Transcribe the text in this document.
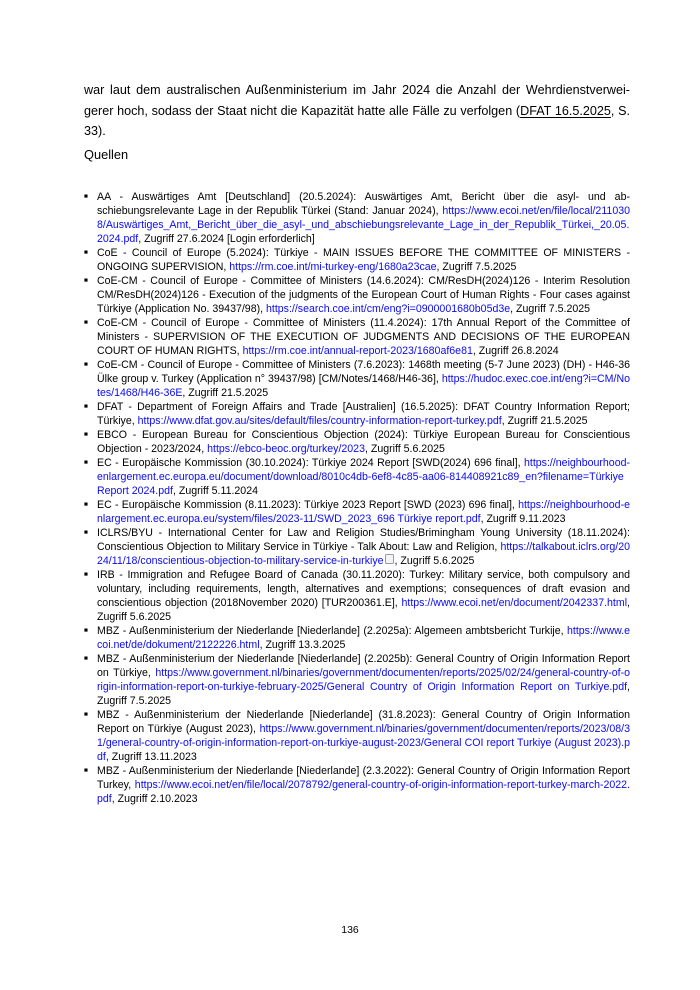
war laut dem australischen Außenministerium im Jahr 2024 die Anzahl der Wehrdienstverweigerer hoch, sodass der Staat nicht die Kapazität hatte alle Fälle zu verfolgen (DFAT 16.5.2025, S. 33).

Quellen
■ AA - Auswärtiges Amt [Deutschland] (20.5.2024): Auswärtiges Amt, Bericht über die asyl- und abschiebungsrelevante Lage in der Republik Türkei (Stand: Januar 2024), https://www.ecoi.net/en/file/local/2110308/Auswärtiges_Amt,_Bericht_über_die_asyl-_und_abschiebungsrelevante_Lage_in_der_Republik_Türkei,_20.05.2024.pdf, Zugriff 27.6.2024 [Login erforderlich]
■ CoE - Council of Europe (5.2024): Türkiye - MAIN ISSUES BEFORE THE COMMITTEE OF MINISTERS - ONGOING SUPERVISION, https://rm.coe.int/mi-turkey-eng/1680a23cae, Zugriff 7.5.2025
■ CoE-CM - Council of Europe - Committee of Ministers (14.6.2024): CM/ResDH(2024)126 - Interim Resolution CM/ResDH(2024)126 - Execution of the judgments of the European Court of Human Rights - Four cases against Türkiye (Application No. 39437/98), https://search.coe.int/cm/eng?i=0900001680b05d3e, Zugriff 7.5.2025
■ CoE-CM - Council of Europe - Committee of Ministers (11.4.2024): 17th Annual Report of the Committee of Ministers - SUPERVISION OF THE EXECUTION OF JUDGMENTS AND DECISIONS OF THE EUROPEAN COURT OF HUMAN RIGHTS, https://rm.coe.int/annual-report-2023/1680af6e81, Zugriff 26.8.2024
■ CoE-CM - Council of Europe - Committee of Ministers (7.6.2023): 1468th meeting (5-7 June 2023) (DH) - H46-36 Ülke group v. Turkey (Application n° 39437/98) [CM/Notes/1468/H46-36], https://hudoc.exec.coe.int/eng?i=CM/Notes/1468/H46-36E, Zugriff 21.5.2025
■ DFAT - Department of Foreign Affairs and Trade [Australien] (16.5.2025): DFAT Country Information Report; Türkiye, https://www.dfat.gov.au/sites/default/files/country-information-report-turkey.pdf, Zugriff 21.5.2025
■ EBCO - European Bureau for Conscientious Objection (2024): Türkiye European Bureau for Conscientious Objection - 2023/2024, https://ebco-beoc.org/turkey/2023, Zugriff 5.6.2025
■ EC - Europäische Kommission (30.10.2024): Türkiye 2024 Report [SWD(2024) 696 final], https://neighbourhood-enlargement.ec.europa.eu/document/download/8010c4db-6ef8-4c85-aa06-814408921c89_en?filename=Türkiye Report 2024.pdf, Zugriff 5.11.2024
■ EC - Europäische Kommission (8.11.2023): Türkiye 2023 Report [SWD (2023) 696 final], https://neighbourhood-enlargement.ec.europa.eu/system/files/2023-11/SWD_2023_696 Türkiye report.pdf, Zugriff 9.11.2023
■ ICLRS/BYU - International Center for Law and Religion Studies/Brimingham Young University (18.11.2024): Conscientious Objection to Military Service in Türkiye - Talk About: Law and Religion, https://talkabout.iclrs.org/2024/11/18/conscientious-objection-to-military-service-in-turkiye , Zugriff 5.6.2025
■ IRB - Immigration and Refugee Board of Canada (30.11.2020): Turkey: Military service, both compulsory and voluntary, including requirements, length, alternatives and exemptions; consequences of draft evasion and conscientious objection (2018November 2020) [TUR200361.E], https://www.ecoi.net/en/document/2042337.html, Zugriff 5.6.2025
■ MBZ - Außenministerium der Niederlande [Niederlande] (2.2025a): Algemeen ambtsbericht Turkije, https://www.ecoi.net/de/dokument/2122226.html, Zugriff 13.3.2025
■ MBZ - Außenministerium der Niederlande [Niederlande] (2.2025b): General Country of Origin Information Report on Türkiye, https://www.government.nl/binaries/government/documenten/reports/2025/02/24/general-country-of-origin-information-report-on-turkiye-february-2025/General Country of Origin Information Report on Turkiye.pdf, Zugriff 7.5.2025
■ MBZ - Außenministerium der Niederlande [Niederlande] (31.8.2023): General Country of Origin Information Report on Türkiye (August 2023), https://www.government.nl/binaries/government/documenten/reports/2023/08/31/general-country-of-origin-information-report-on-turkiye-august-2023/General COI report Turkiye (August 2023).pdf, Zugriff 13.11.2023
■ MBZ - Außenministerium der Niederlande [Niederlande] (2.3.2022): General Country of Origin Information Report Turkey, https://www.ecoi.net/en/file/local/2078792/general-country-of-origin-information-report-turkey-march-2022.pdf, Zugriff 2.10.2023
136
